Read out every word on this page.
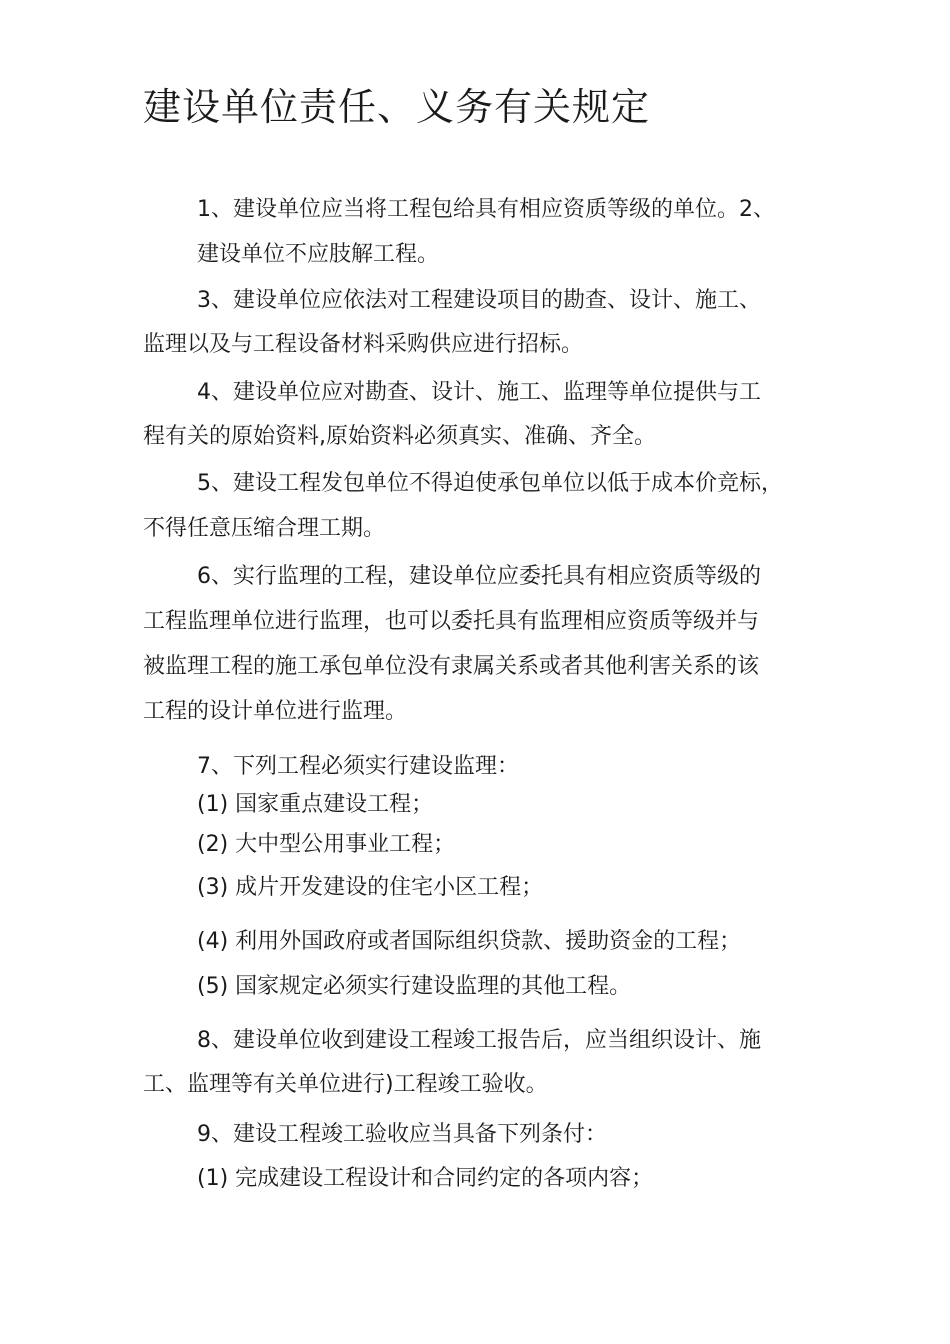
建设单位责任、义务有关规定

1、建设单位应当将工程包给具有相应资质等级的单位。2、

建设单位不应肢解工程。

3、建设单位应依法对工程建设项目的勘查、设计、施工、

监理以及与工程设备材料采购供应进行招标。

4、建设单位应对勘查、设计、施工、监理等单位提供与工

程有关的原始资料,原始资料必须真实、准确、齐全。

5、建设工程发包单位不得迫使承包单位以低于成本价竞标，

不得任意压缩合理工期。

6、实行监理的工程，建设单位应委托具有相应资质等级的

工程监理单位进行监理，也可以委托具有监理相应资质等级并与

被监理工程的施工承包单位没有隶属关系或者其他利害关系的该

工程的设计单位进行监理。

7、下列工程必须实行建设监理：

(1) 国家重点建设工程；

(2) 大中型公用事业工程；

(3) 成片开发建设的住宅小区工程；

(4) 利用外国政府或者国际组织贷款、援助资金的工程；

(5) 国家规定必须实行建设监理的其他工程。

8、建设单位收到建设工程竣工报告后，应当组织设计、施

工、监理等有关单位进行)工程竣工验收。

9、建设工程竣工验收应当具备下列条付：

(1) 完成建设工程设计和合同约定的各项内容；
